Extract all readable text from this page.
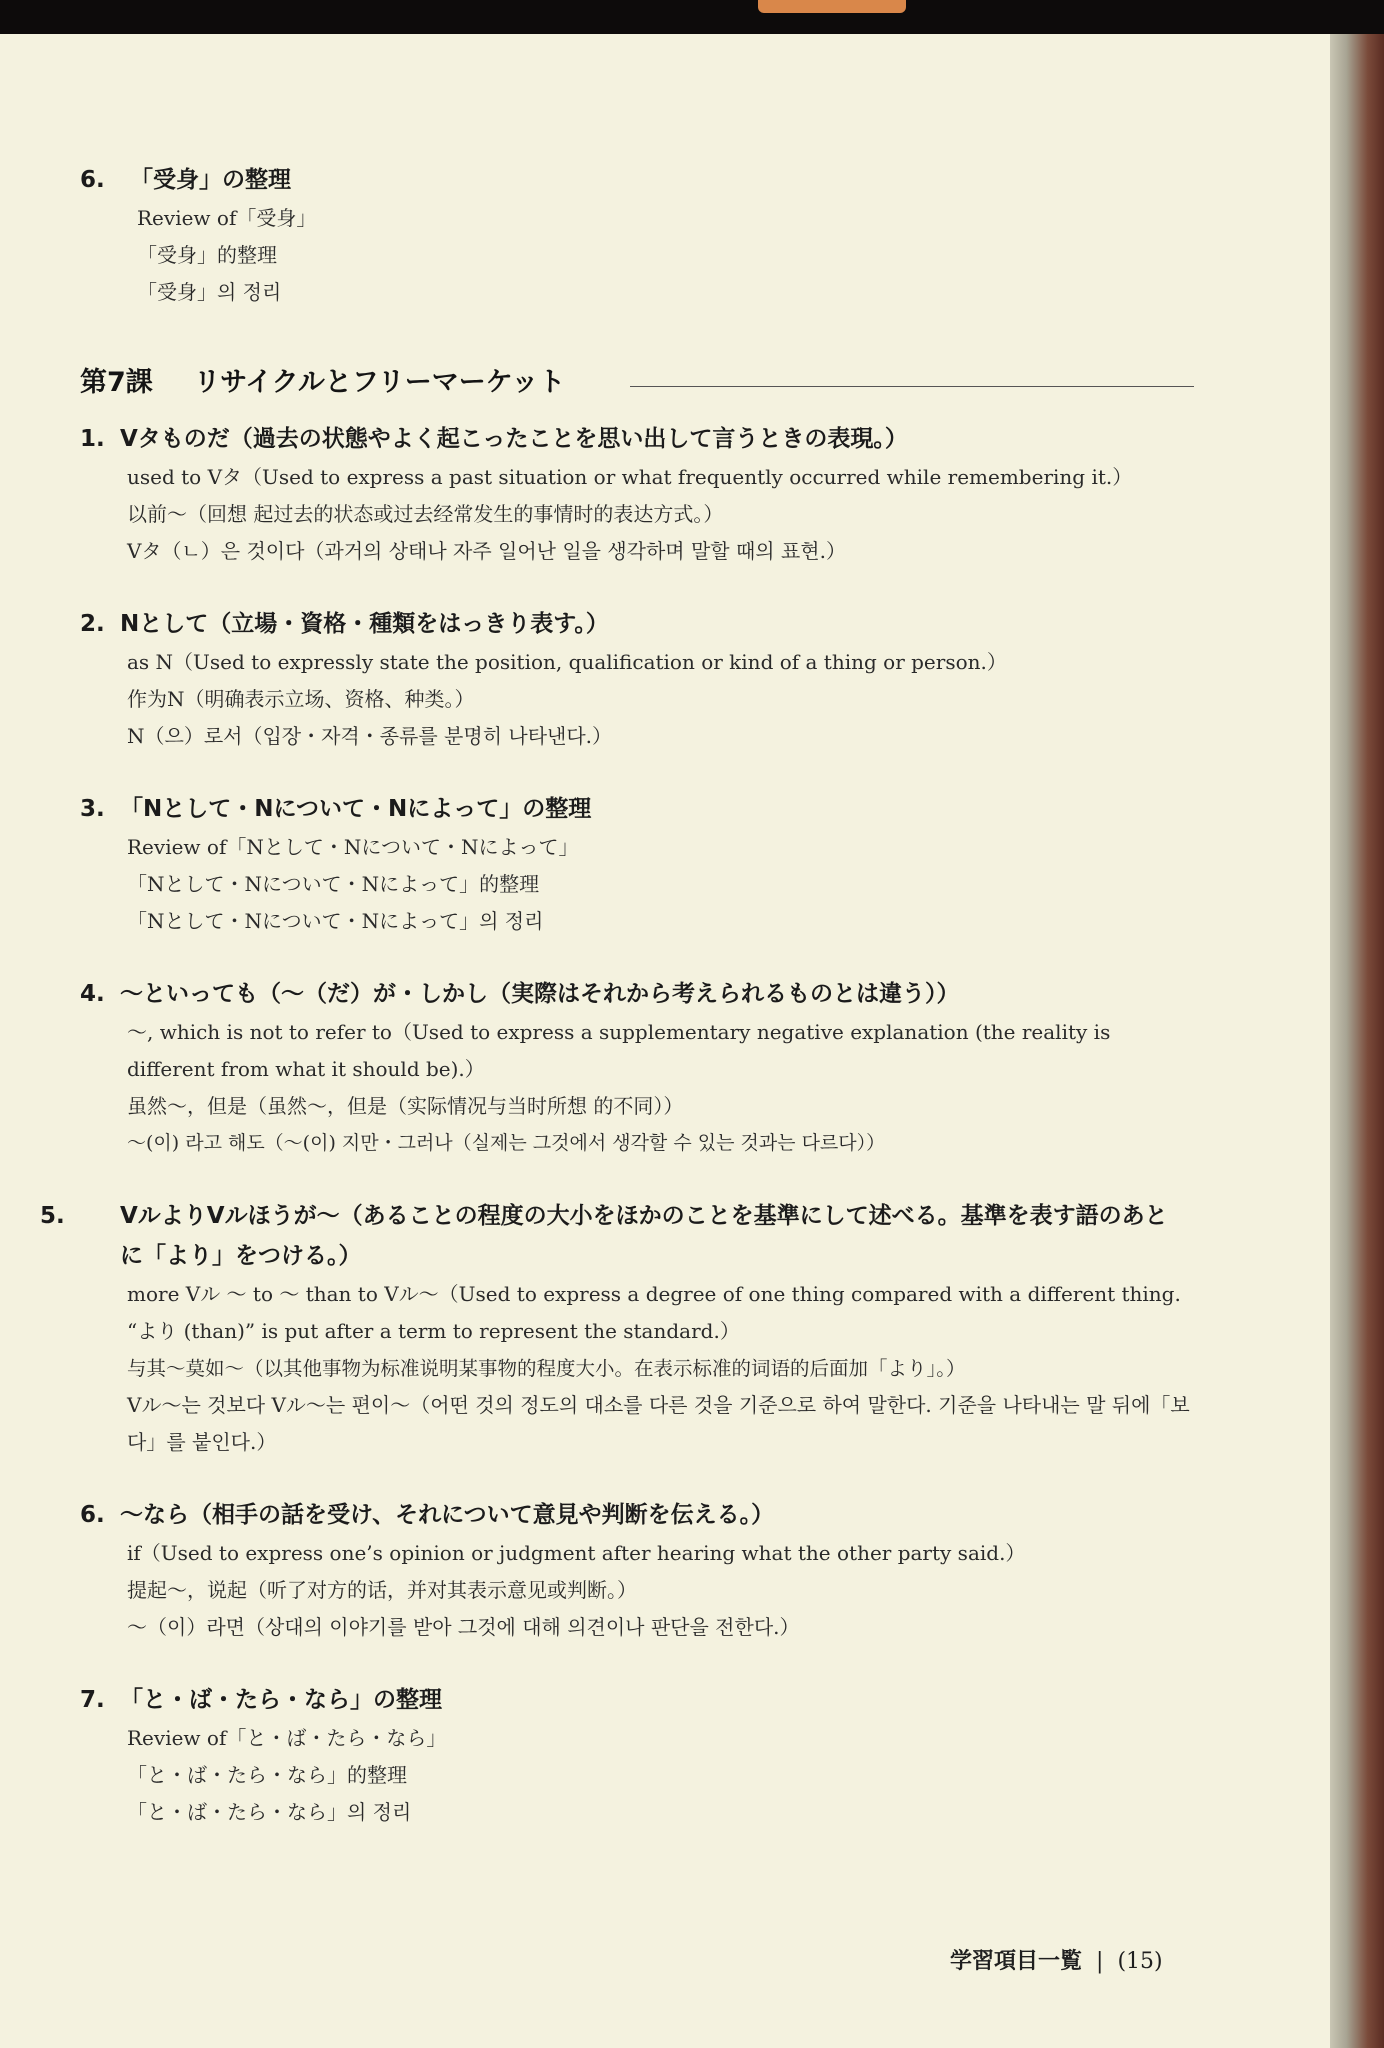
6. 「受身」の整理
Review of「受身」
「受身」的整理
「受身」의 정리
第7課 リサイクルとフリーマーケット
1. Vタものだ（過去の状態やよく起こったことを思い出して言うときの表現。）
used to Vタ（Used to express a past situation or what frequently occurred while remembering it.）
以前～（回想 起过去的状态或过去经常发生的事情时的表达方式。）
Vタ（ㄴ）은 것이다（과거의 상태나 자주 일어난 일을 생각하며 말할 때의 표현.）
2. Nとして（立場・資格・種類をはっきり表す。）
as N（Used to expressly state the position, qualification or kind of a thing or person.）
作为N（明确表示立场、资格、种类。）
N（으）로서（입장・자격・종류를 분명히 나타낸다.）
3. 「Nとして・Nについて・Nによって」の整理
Review of「Nとして・Nについて・Nによって」
「Nとして・Nについて・Nによって」的整理
「Nとして・Nについて・Nによって」의 정리
4. ～といっても（～（だ）が・しかし（実際はそれから考えられるものとは違う））
～, which is not to refer to（Used to express a supplementary negative explanation (the reality is different from what it should be).）
虽然～，但是（虽然～，但是（实际情况与当时所想 的不同））
～(이) 라고 해도（～(이) 지만・그러나（실제는 그것에서 생각할 수 있는 것과는 다르다））
5. VルよりVルほうが～（あることの程度の大小をほかのことを基準にして述べる。基準を表す語のあとに「より」をつける。）
more Vル ～ to ～ than to Vル～（Used to express a degree of one thing compared with a different thing. “より (than)” is put after a term to represent the standard.）
与其～莫如～（以其他事物为标准说明某事物的程度大小。在表示标准的词语的后面加「より」。）
Vル～는 것보다 Vル～는 편이～（어떤 것의 정도의 대소를 다른 것을 기준으로 하여 말한다. 기준을 나타내는 말 뒤에「보다」를 붙인다.）
6. ～なら（相手の話を受け、それについて意見や判断を伝える。）
if（Used to express one’s opinion or judgment after hearing what the other party said.）
提起～，说起（听了对方的话，并对其表示意见或判断。）
～（이）라면（상대의 이야기를 받아 그것에 대해 의견이나 판단을 전한다.）
7. 「と・ば・たら・なら」の整理
Review of「と・ば・たら・なら」
「と・ば・たら・なら」的整理
「と・ば・たら・なら」의 정리
学習項目一覧 | (15)
